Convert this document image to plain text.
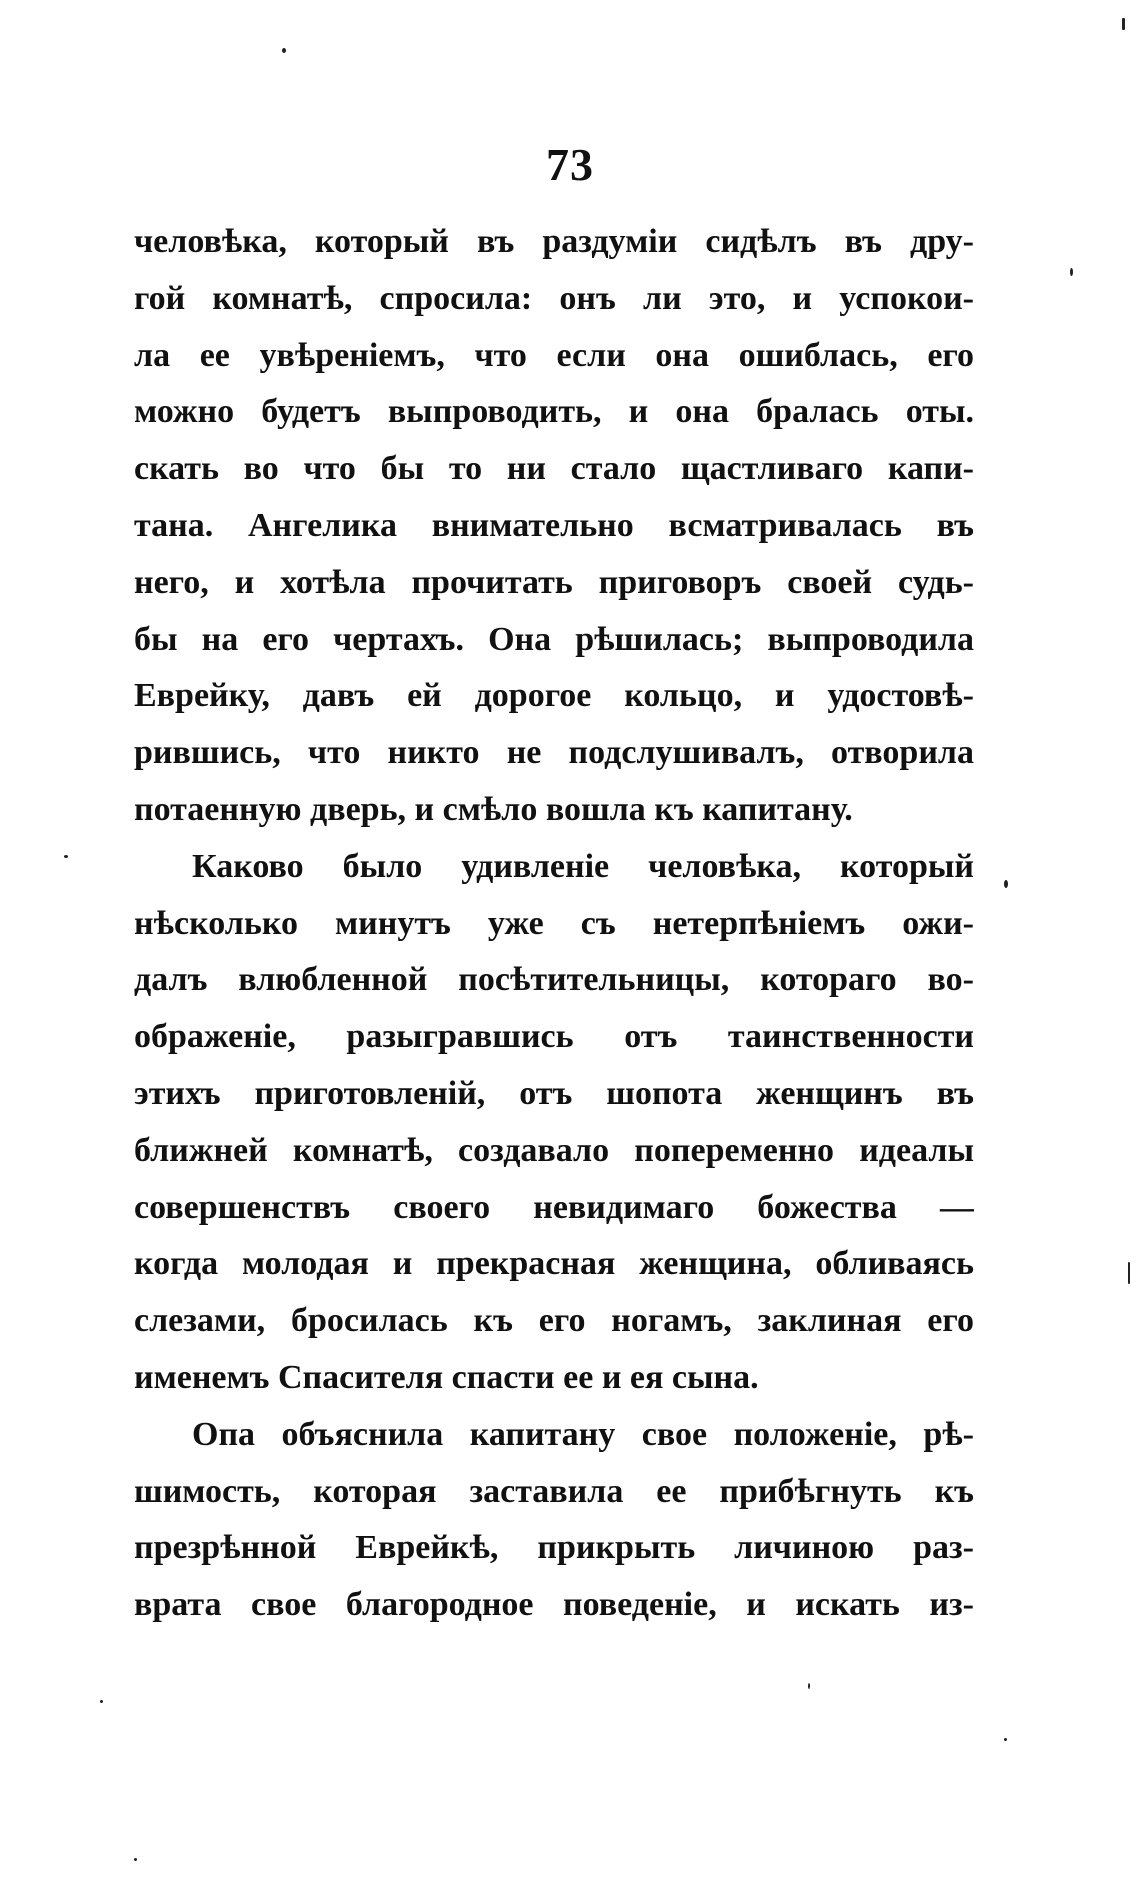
73
человѣка, который въ раздумiи сидѣлъ въ дру-
гой комнатѣ, спросила: онъ ли это, и успокои-
ла ее увѣренiемъ, что если она ошиблась, его
можно будетъ выпроводить, и она бралась оты.
скать во что бы то ни стало щастливаго капи-
тана. Ангелика внимательно всматривалась въ
него, и хотѣла прочитать приговоръ своей судь-
бы на его чертахъ. Она рѣшилась; выпроводила
Еврейку, давъ ей дорогое кольцо, и удостовѣ-
рившись, что никто не подслушивалъ, отворила
потаенную дверь, и смѣло вошла къ капитану.
Каково было удивленiе человѣка, который
нѣсколько минутъ уже съ нетерпѣнiемъ ожи-
далъ влюбленной посѣтительницы, котораго во-
ображенiе, разыгравшись отъ таинственности
этихъ приготовленiй, отъ шопота женщинъ въ
ближней комнатѣ, создавало попеременно идеалы
совершенствъ своего невидимаго божества —
когда молодая и прекрасная женщина, обливаясь
слезами, бросилась къ его ногамъ, заклиная его
именемъ Спасителя спасти ее и ея сына.
Опа объяснила капитану свое положенiе, рѣ-
шимость, которая заставила ее прибѣгнуть къ
презрѣнной Еврейкѣ, прикрыть личиною раз-
врата свое благородное поведенiе, и искать из-
